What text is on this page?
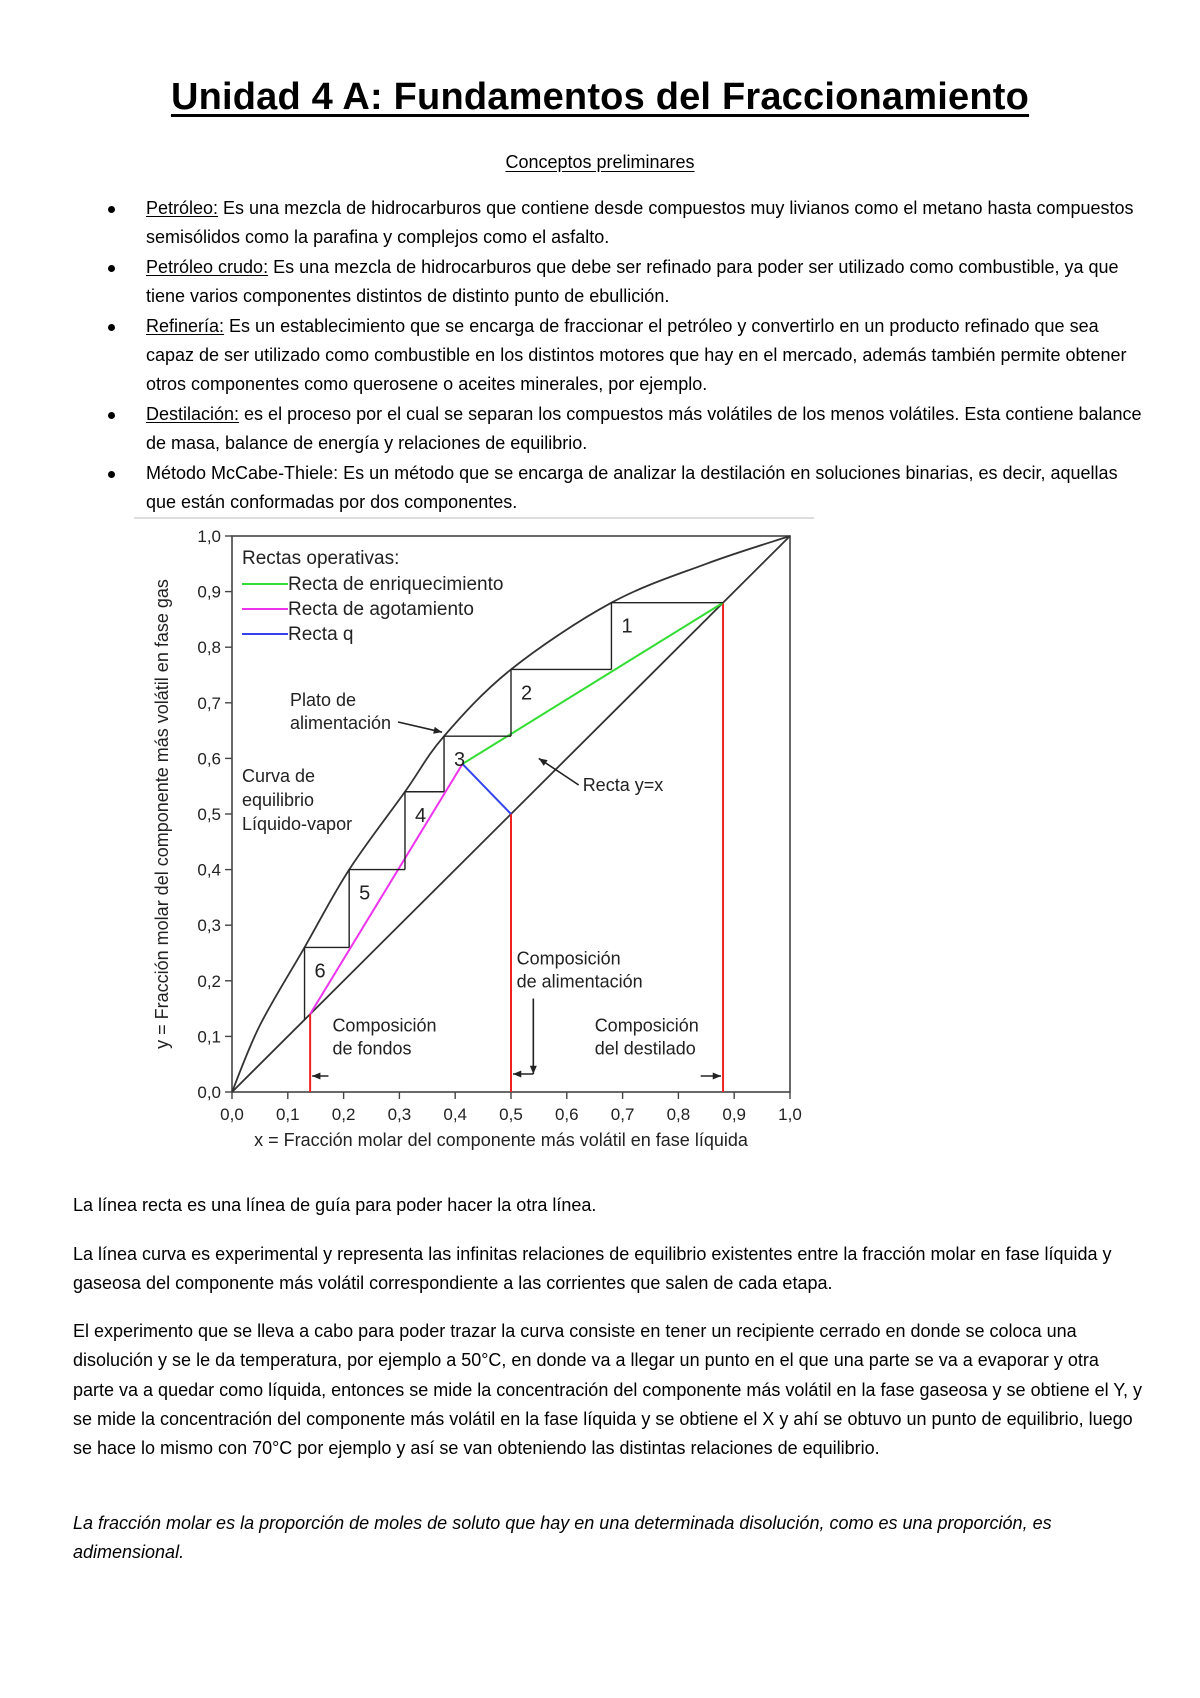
Unidad 4 A: Fundamentos del Fraccionamiento
Conceptos preliminares
Petróleo: Es una mezcla de hidrocarburos que contiene desde compuestos muy livianos como el metano hasta compuestos semisólidos como la parafina y complejos como el asfalto.
Petróleo crudo: Es una mezcla de hidrocarburos que debe ser refinado para poder ser utilizado como combustible, ya que tiene varios componentes distintos de distinto punto de ebullición.
Refinería: Es un establecimiento que se encarga de fraccionar el petróleo y convertirlo en un producto refinado que sea capaz de ser utilizado como combustible en los distintos motores que hay en el mercado, además también permite obtener otros componentes como querosene o aceites minerales, por ejemplo.
Destilación: es el proceso por el cual se separan los compuestos más volátiles de los menos volátiles. Esta contiene balance de masa, balance de energía y relaciones de equilibrio.
Método McCabe-Thiele: Es un método que se encarga de analizar la destilación en soluciones binarias, es decir, aquellas que están conformadas por dos componentes.
0,0 0,1 0,2 0,3 0,4 0,5 0,6 0,7 0,8 0,9 1,0
0,0
0,1
0,2
0,3
0,4
0,5
0,6
0,7
0,8
0,9
1,0
x = Fracción molar del componente más volátil en fase líquida
y = Fracción molar del componente más volátil en fase gas	1
2
3
4
5
6
Rectas operativas:
Recta de enriquecimiento
Recta de agotamiento
Recta q
Plato de
alimentación
Curva de
equilibrio
Líquido-vapor
Recta y=x
Composición
de fondos
Composición
de alimentación
Composición
del destilado

La línea recta es una línea de guía para poder hacer la otra línea.

La línea curva es experimental y representa las infinitas relaciones de equilibrio existentes entre la fracción molar en fase líquida y gaseosa del componente más volátil correspondiente a las corrientes que salen de cada etapa.

El experimento que se lleva a cabo para poder trazar la curva consiste en tener un recipiente cerrado en donde se coloca una disolución y se le da temperatura, por ejemplo a 50°C, en donde va a llegar un punto en el que una parte se va a evaporar y otra parte va a quedar como líquida, entonces se mide la concentración del componente más volátil en la fase gaseosa y se obtiene el Y, y se mide la concentración del componente más volátil en la fase líquida y se obtiene el X y ahí se obtuvo un punto de equilibrio, luego se hace lo mismo con 70°C por ejemplo y así se van obteniendo las distintas relaciones de equilibrio.

La fracción molar es la proporción de moles de soluto que hay en una determinada disolución, como es una proporción, es adimensional.
